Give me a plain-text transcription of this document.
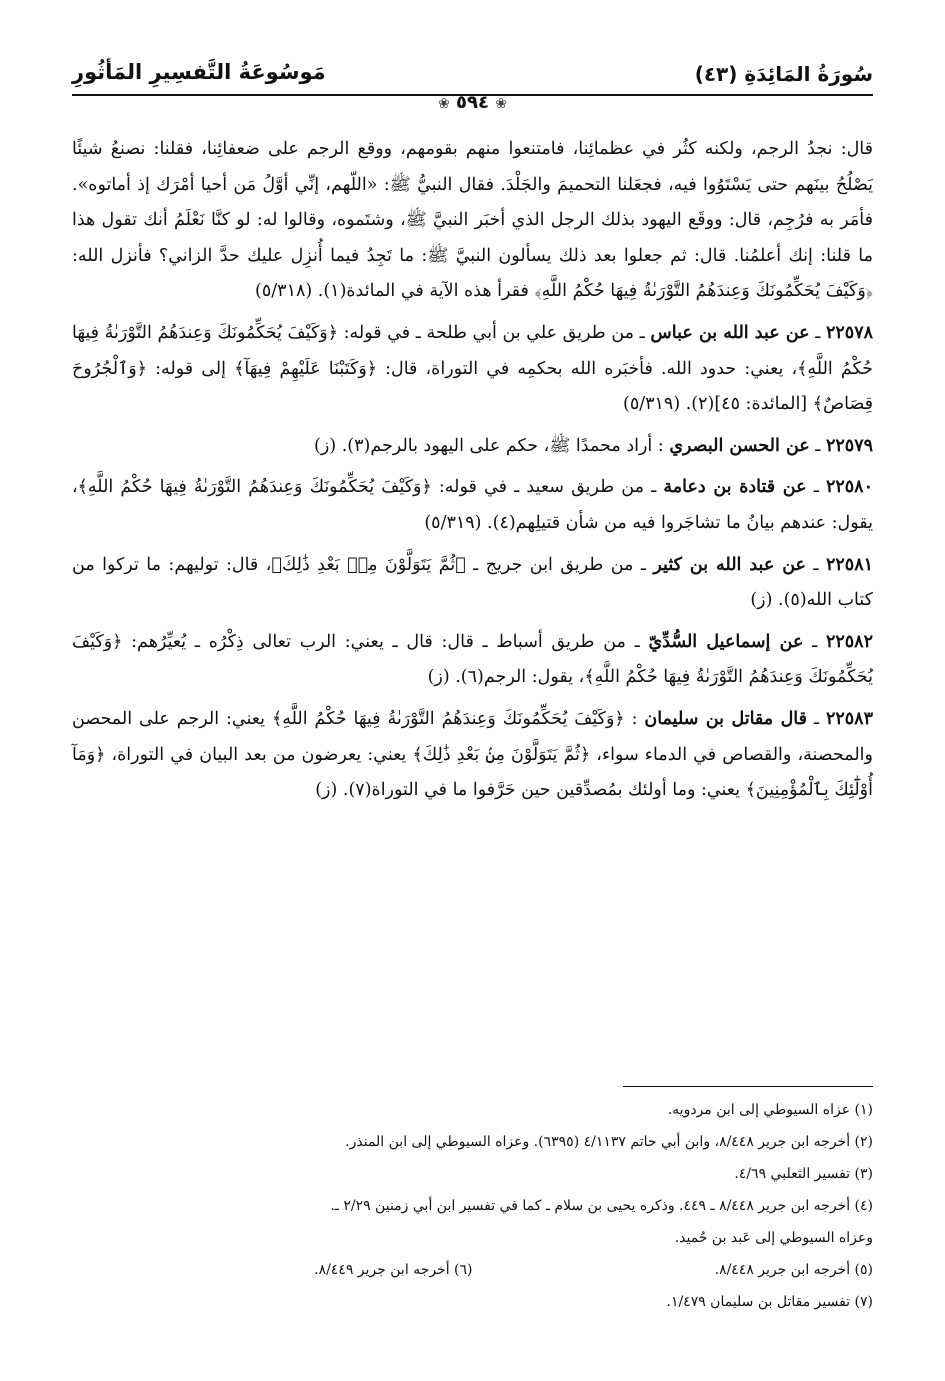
سُورَةُ المَائِدَةِ (٤٣)
مَوسُوعَةُ التَّفسِيرِ المَأثُورِ
❀ ٥٩٤ ❀

قال: نجدُ الرجم، ولكنه كثُر في عظمائِنا، فامتنعوا منهم بقومهم، ووقع الرجم على ضعفائِنا، فقلنا: نصنعُ شيئًا يَصْلُحُ بينَهم حتى يَسْتَوُوا فيه، فجعَلنا التحميمَ والجَلْدَ. فقال النبيُّ ﷺ: «اللّهم، إنِّي أوَّلُ مَن أحيا أمْرَك إذ أماتوه». فأمَر به فرُجِم، قال: ووقَع اليهود بذلك الرجل الذي أخبَر النبيَّ ﷺ، وشتَموه، وقالوا له: لو كنَّا نَعْلَمُ أنك تقول هذا ما قلنا: إنك أعلمُنا. قال: ثم جعلوا بعد ذلك يسألون النبيَّ ﷺ: ما تَجِدُ فيما أُنزِل عليك حدَّ الزاني؟ فأنزل الله: ﴿وَكَيْفَ يُحَكِّمُونَكَ وَعِندَهُمُ التَّوْرَىٰةُ فِيهَا حُكْمُ اللَّهِ﴾ فقرأ هذه الآية في المائدة(١). (٥/٣١٨)

٢٢٥٧٨ ـ عن عبد الله بن عباس ـ من طريق علي بن أبي طلحة ـ في قوله: ﴿وَكَيْفَ يُحَكِّمُونَكَ وَعِندَهُمُ التَّوْرَىٰةُ فِيهَا حُكْمُ اللَّهِ﴾، يعني: حدود الله. فأخبَره الله بحكمِه في التوراة، قال: ﴿وَكَتَبْنَا عَلَيْهِمْ فِيهَآ﴾ إلى قوله: ﴿وَٱلْجُرُوحَ قِصَاصٌ﴾ [المائدة: ٤٥](٢). (٥/٣١٩)

٢٢٥٧٩ ـ عن الحسن البصري : أراد محمدًا ﷺ، حكم على اليهود بالرجم(٣). (ز)

٢٢٥٨٠ ـ عن قتادة بن دعامة ـ من طريق سعيد ـ في قوله: ﴿وَكَيْفَ يُحَكِّمُونَكَ وَعِندَهُمُ التَّوْرَىٰةُ فِيهَا حُكْمُ اللَّهِ﴾، يقول: عندهم بيانُ ما تشاجَروا فيه من شأن قتيلِهم(٤). (٥/٣١٩)

٢٢٥٨١ ـ عن عبد الله بن كثير ـ من طريق ابن جريج ـ ﴿ثُمَّ يَتَوَلَّوْنَ مِنۢ بَعْدِ ذَٰلِكَ﴾، قال: توليهم: ما تركوا من كتاب الله(٥). (ز)

٢٢٥٨٢ ـ عن إسماعيل السُّدِّيّ ـ من طريق أسباط ـ قال: قال ـ يعني: الرب تعالى ذِكْرُه ـ يُعيِّرُهم: ﴿وَكَيْفَ يُحَكِّمُونَكَ وَعِندَهُمُ التَّوْرَىٰةُ فِيهَا حُكْمُ اللَّهِ﴾، يقول: الرجم(٦). (ز)

٢٢٥٨٣ ـ قال مقاتل بن سليمان : ﴿وَكَيْفَ يُحَكِّمُونَكَ وَعِندَهُمُ التَّوْرَىٰةُ فِيهَا حُكْمُ اللَّهِ﴾ يعني: الرجم على المحصن والمحصنة، والقصاص في الدماء سواء، ﴿ثُمَّ يَتَوَلَّوْنَ مِنۢ بَعْدِ ذَٰلِكَ﴾ يعني: يعرضون من بعد البيان في التوراة، ﴿وَمَآ أُوْلَٰٓئِكَ بِٱلْمُؤْمِنِينَ﴾ يعني: وما أولئك بمُصدِّقين حين حَرَّفوا ما في التوراة(٧). (ز)

(١) عزاه السيوطي إلى ابن مردويه.

(٢) أخرجه ابن جرير ٨/٤٤٨، وابن أبي حاتم ٤/١١٣٧ (٦٣٩٥). وعزاه السيوطي إلى ابن المنذر.

(٣) تفسير الثعلبي ٤/٦٩.

(٤) أخرجه ابن جرير ٨/٤٤٨ ـ ٤٤٩. وذكره يحيى بن سلام ـ كما في تفسير ابن أبي زمنين ٢/٢٩ ـ.

وعزاه السيوطي إلى عَبد بن حُميد.

(٥) أخرجه ابن جرير ٨/٤٤٨.

(٦) أخرجه ابن جرير ٨/٤٤٩.

(٧) تفسير مقاتل بن سليمان ١/٤٧٩.
